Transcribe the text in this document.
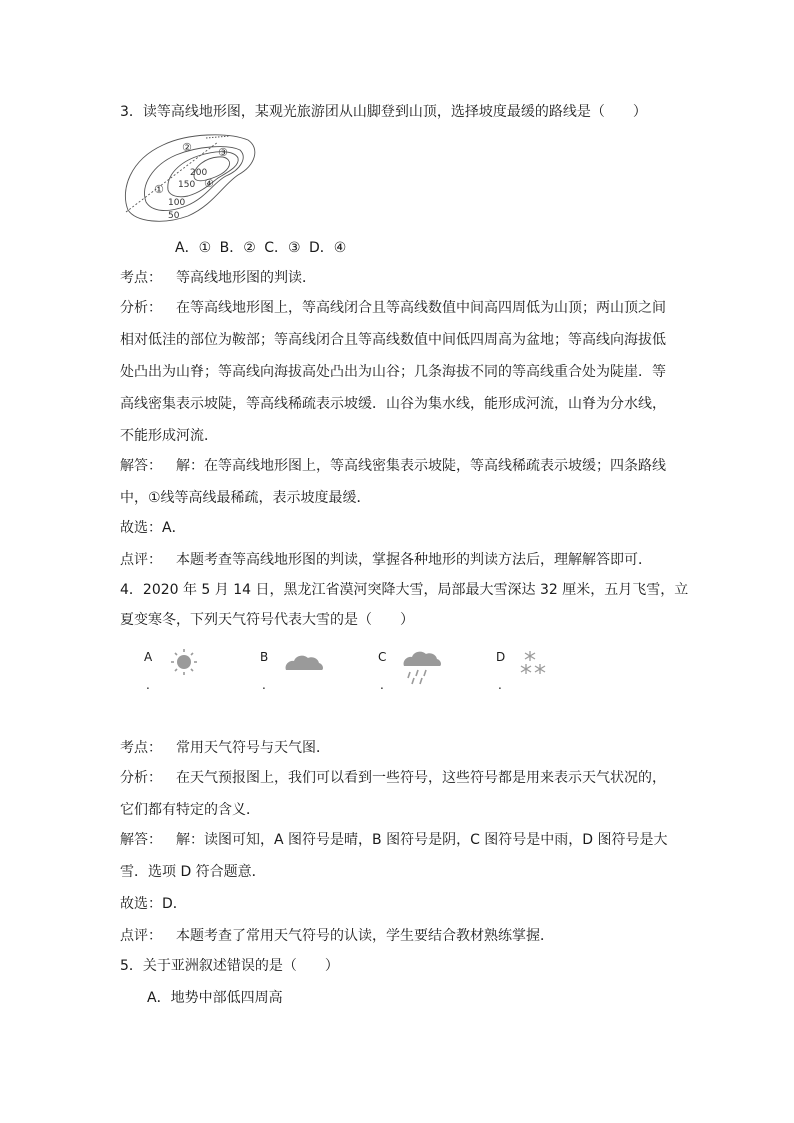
3．读等高线地形图，某观光旅游团从山脚登到山顶，选择坡度最缓的路线是（　　）
200
150
100
50
② ③
①	④
A．① B．② C．③ D．④
考点： 等高线地形图的判读．
分析： 在等高线地形图上，等高线闭合且等高线数值中间高四周低为山顶；两山顶之间
相对低洼的部位为鞍部；等高线闭合且等高线数值中间低四周高为盆地；等高线向海拔低
处凸出为山脊；等高线向海拔高处凸出为山谷；几条海拔不同的等高线重合处为陡崖．等
高线密集表示坡陡，等高线稀疏表示坡缓．山谷为集水线，能形成河流，山脊为分水线，
不能形成河流．
解答： 解：在等高线地形图上，等高线密集表示坡陡，等高线稀疏表示坡缓；四条路线
中，①线等高线最稀疏，表示坡度最缓．
故选：A．
点评： 本题考查等高线地形图的判读，掌握各种地形的判读方法后，理解解答即可．
4．2020 年 5 月 14 日，黑龙江省漠河突降大雪，局部最大雪深达 32 厘米，五月飞雪，立
夏变寒冬，下列天气符号代表大雪的是（　　）
A
.
B
.
C
.
D
.
考点： 常用天气符号与天气图．
分析： 在天气预报图上，我们可以看到一些符号，这些符号都是用来表示天气状况的，
它们都有特定的含义．
解答： 解：读图可知，A 图符号是晴，B 图符号是阴，C 图符号是中雨，D 图符号是大
雪．选项 D 符合题意．
故选：D．
点评： 本题考查了常用天气符号的认读，学生要结合教材熟练掌握．
5．关于亚洲叙述错误的是（　　）
A．地势中部低四周高
